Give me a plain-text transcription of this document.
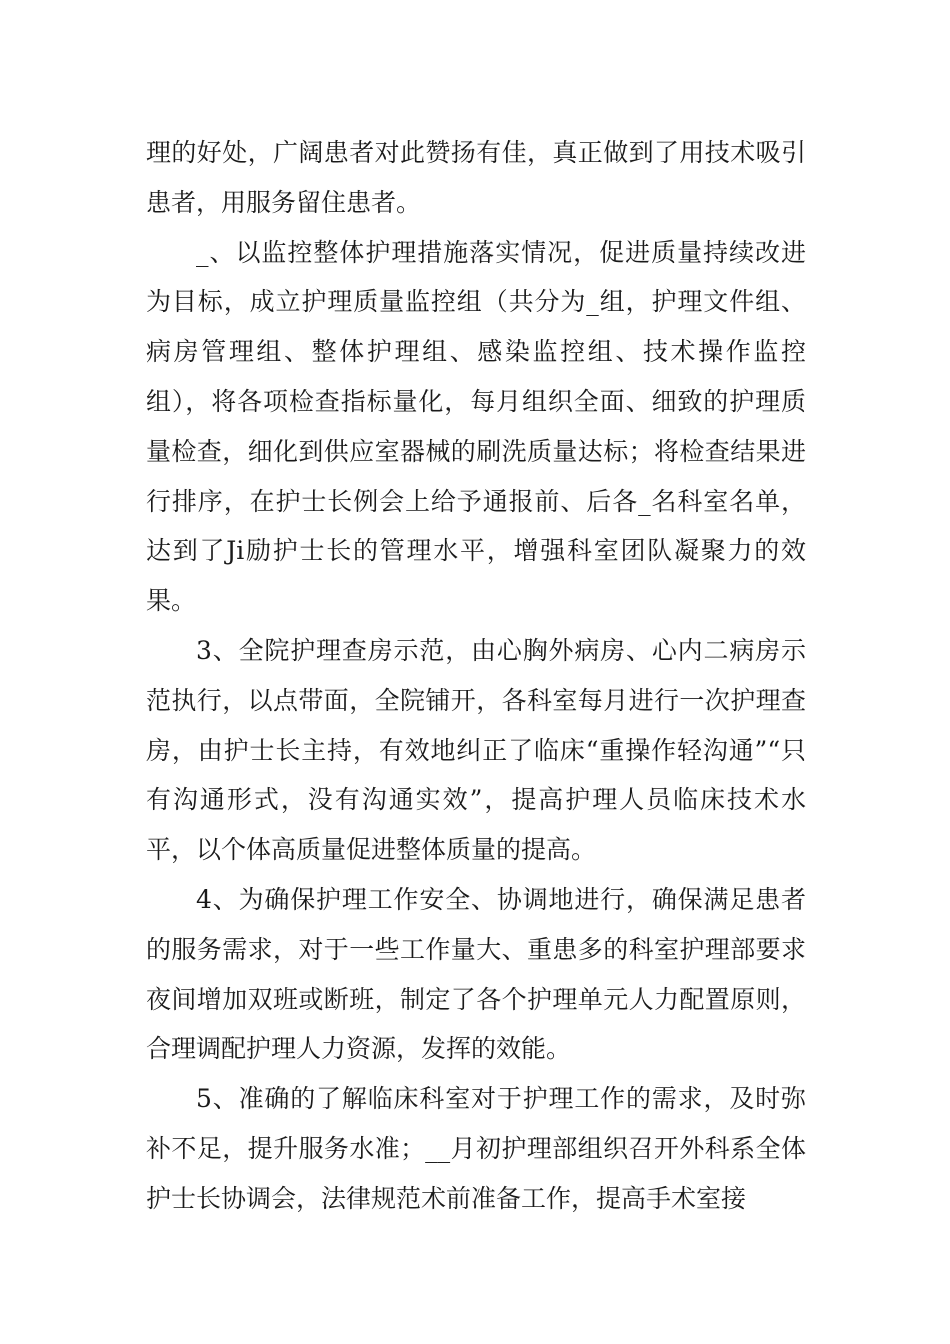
理的好处，广阔患者对此赞扬有佳，真正做到了用技术吸引患者，用服务留住患者。

_、以监控整体护理措施落实情况，促进质量持续改进为目标，成立护理质量监控组（共分为_组，护理文件组、病房管理组、整体护理组、感染监控组、技术操作监控组），将各项检查指标量化，每月组织全面、细致的护理质量检查，细化到供应室器械的刷洗质量达标；将检查结果进行排序，在护士长例会上给予通报前、后各_名科室名单，达到了Ji励护士长的管理水平，增强科室团队凝聚力的效果。

3、全院护理查房示范，由心胸外病房、心内二病房示范执行，以点带面，全院铺开，各科室每月进行一次护理查房，由护士长主持，有效地纠正了临床“重操作轻沟通”“只有沟通形式，没有沟通实效”，提高护理人员临床技术水平，以个体高质量促进整体质量的提高。

4、为确保护理工作安全、协调地进行，确保满足患者的服务需求，对于一些工作量大、重患多的科室护理部要求夜间增加双班或断班，制定了各个护理单元人力配置原则，合理调配护理人力资源，发挥的效能。

5、准确的了解临床科室对于护理工作的需求，及时弥补不足，提升服务水准；__月初护理部组织召开外科系全体护士长协调会，法律规范术前准备工作，提高手术室接
